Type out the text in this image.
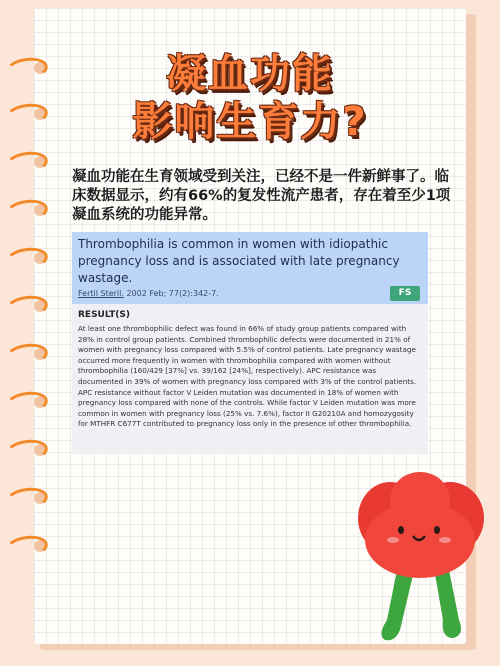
凝血功能
影响生育力?
凝血功能在生育领域受到关注，已经不是一件新鲜事了。临床数据显示，约有66%的复发性流产患者，存在着至少1项凝血系统的功能异常。
Thrombophilia is common in women with idiopathic pregnancy loss and is associated with late pregnancy wastage.
Fertil Steril. 2002 Feb; 77(2):342-7.	FS
RESULT(S)
At least one thrombophilic defect was found in 66% of study group patients compared with 28% in control group patients. Combined thrombophilic defects were documented in 21% of women with pregnancy loss compared with 5.5% of control patients. Late pregnancy wastage occurred more frequently in women with thrombophilia compared with women without thrombophilia (160/429 [37%] vs. 39/162 [24%], respectively). APC resistance was documented in 39% of women with pregnancy loss compared with 3% of the control patients. APC resistance without factor V Leiden mutation was documented in 18% of women with pregnancy loss compared with none of the controls. While factor V Leiden mutation was more common in women with pregnancy loss (25% vs. 7.6%), factor II G20210A and homozygosity for MTHFR C677T contributed to pregnancy loss only in the presence of other thrombophilia.
